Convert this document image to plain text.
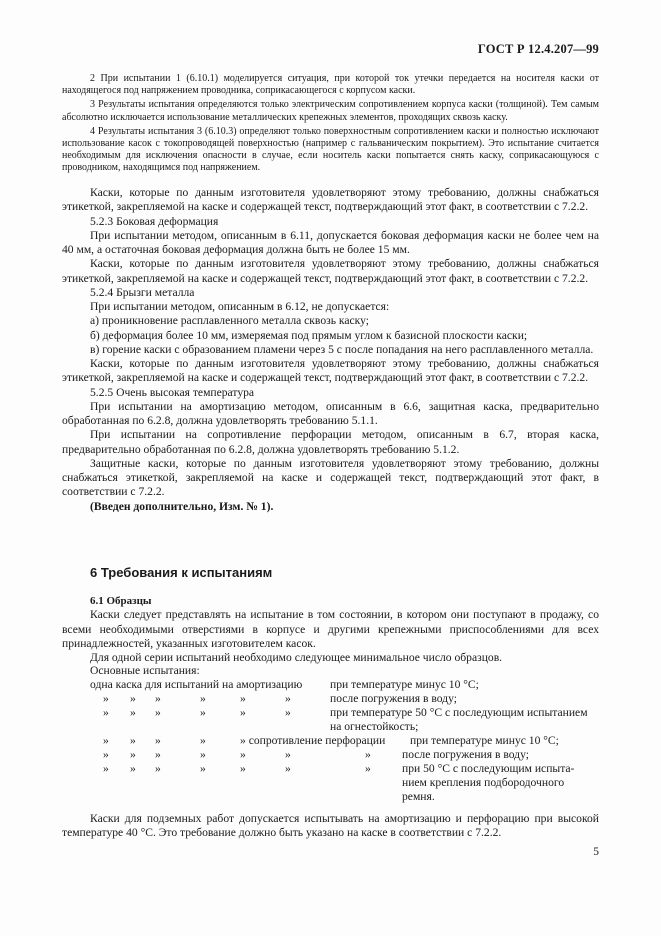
ГОСТ Р 12.4.207—99

2 При испытании 1 (6.10.1) моделируется ситуация, при которой ток утечки передается на носителя каски от находящегося под напряжением проводника, соприкасающегося с корпусом каски.

3 Результаты испытания определяются только электрическим сопротивлением корпуса каски (толщиной). Тем самым абсолютно исключается использование металлических крепежных элементов, проходящих сквозь каску.

4 Результаты испытания 3 (6.10.3) определяют только поверхностным сопротивлением каски и полностью исключают использование касок с токопроводящей поверхностью (например с гальваническим покрытием). Это испытание считается необходимым для исключения опасности в случае, если носитель каски попытается снять каску, соприкасающуюся с проводником, находящимся под напряжением.

Каски, которые по данным изготовителя удовлетворяют этому требованию, должны снабжаться этикеткой, закрепляемой на каске и содержащей текст, подтверждающий этот факт, в соответствии с 7.2.2.

5.2.3 Боковая деформация

При испытании методом, описанным в 6.11, допускается боковая деформация каски не более чем на 40 мм, а остаточная боковая деформация должна быть не более 15 мм.

Каски, которые по данным изготовителя удовлетворяют этому требованию, должны снабжаться этикеткой, закрепляемой на каске и содержащей текст, подтверждающий этот факт, в соответствии с 7.2.2.

5.2.4 Брызги металла

При испытании методом, описанным в 6.12, не допускается:

а) проникновение расплавленного металла сквозь каску;

б) деформация более 10 мм, измеряемая под прямым углом к базисной плоскости каски;

в) горение каски с образованием пламени через 5 с после попадания на него расплавленного металла.

Каски, которые по данным изготовителя удовлетворяют этому требованию, должны снабжаться этикеткой, закрепляемой на каске и содержащей текст, подтверждающий этот факт, в соответствии с 7.2.2.

5.2.5 Очень высокая температура

При испытании на амортизацию методом, описанным в 6.6, защитная каска, предварительно обработанная по 6.2.8, должна удовлетворять требованию 5.1.1.

При испытании на сопротивление перфорации методом, описанным в 6.7, вторая каска, предварительно обработанная по 6.2.8, должна удовлетворять требованию 5.1.2.

Защитные каски, которые по данным изготовителя удовлетворяют этому требованию, должны снабжаться этикеткой, закрепляемой на каске и содержащей текст, подтверждающий этот факт, в соответствии с 7.2.2.

(Введен дополнительно, Изм. № 1).

6 Требования к испытаниям

6.1 Образцы

Каски следует представлять на испытание в том состоянии, в котором они поступают в продажу, со всеми необходимыми отверстиями в корпусе и другими крепежными приспособлениями для всех принадлежностей, указанных изготовителем касок.

Для одной серии испытаний необходимо следующее минимальное число образцов.

Основные испытания:
одна каска для испытаний на амортизацию при температуре минус 10 °С;
» » »	»	»	»	после погружения в воду;
» » »	»	»	»	при температуре 50 °С с последующим испытанием
на огнестойкость;
» » »	»	» сопротивление перфорации при температуре минус 10 °С;
» » »	»	»	»	»	после погружения в воду;
» » »	»	»	»	»	при 50 °С с последующим испыта-
нием крепления подбородочного
ремня.

Каски для подземных работ допускается испытывать на амортизацию и перфорацию при высокой температуре 40 °С. Это требование должно быть указано на каске в соответствии с 7.2.2.

5
